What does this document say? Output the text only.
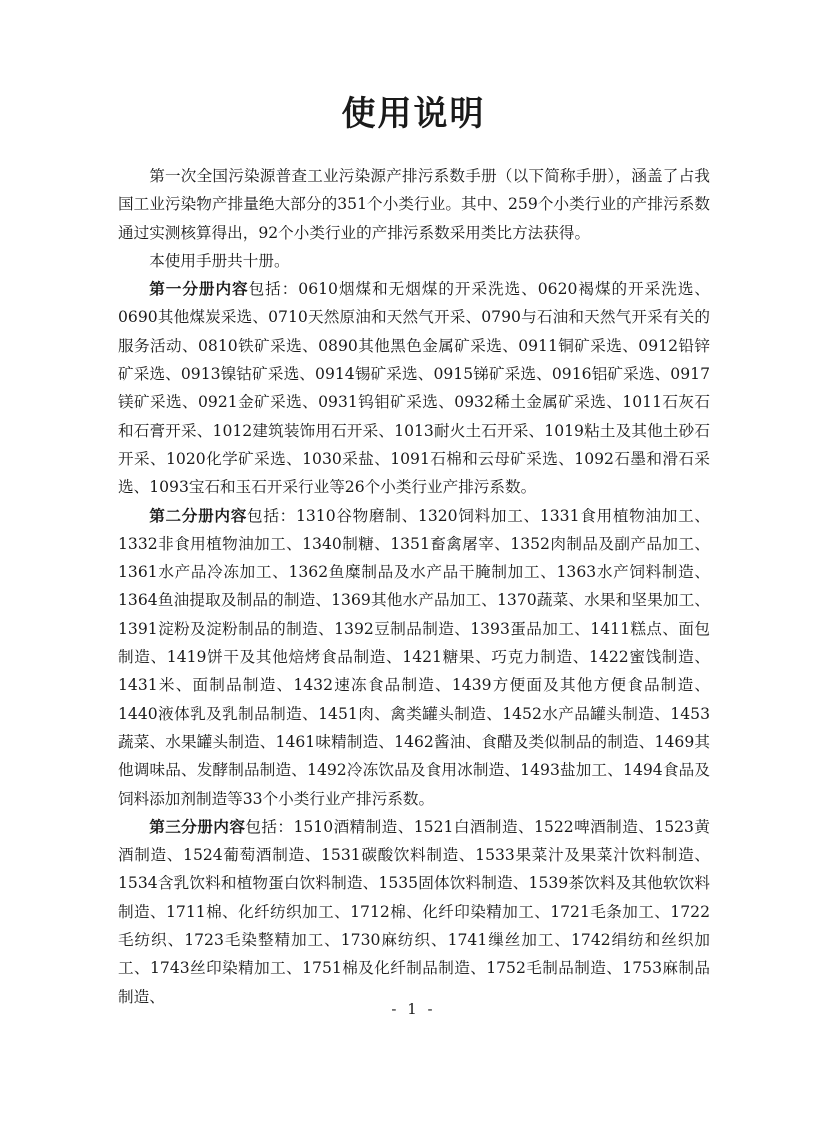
使用说明

第一次全国污染源普查工业污染源产排污系数手册（以下简称手册），涵盖了占我国工业污染物产排量绝大部分的351个小类行业。其中、259个小类行业的产排污系数通过实测核算得出，92个小类行业的产排污系数采用类比方法获得。

本使用手册共十册。

第一分册内容包括：0610烟煤和无烟煤的开采洗选、0620褐煤的开采洗选、0690其他煤炭采选、0710天然原油和天然气开采、0790与石油和天然气开采有关的服务活动、0810铁矿采选、0890其他黑色金属矿采选、0911铜矿采选、0912铅锌矿采选、0913镍钴矿采选、0914锡矿采选、0915锑矿采选、0916铝矿采选、0917镁矿采选、0921金矿采选、0931钨钼矿采选、0932稀土金属矿采选、1011石灰石和石膏开采、1012建筑装饰用石开采、1013耐火土石开采、1019粘土及其他土砂石开采、1020化学矿采选、1030采盐、1091石棉和云母矿采选、1092石墨和滑石采选、1093宝石和玉石开采行业等26个小类行业产排污系数。

第二分册内容包括：1310谷物磨制、1320饲料加工、1331食用植物油加工、1332非食用植物油加工、1340制糖、1351畜禽屠宰、1352肉制品及副产品加工、1361水产品冷冻加工、1362鱼糜制品及水产品干腌制加工、1363水产饲料制造、1364鱼油提取及制品的制造、1369其他水产品加工、1370蔬菜、水果和坚果加工、1391淀粉及淀粉制品的制造、1392豆制品制造、1393蛋品加工、1411糕点、面包制造、1419饼干及其他焙烤食品制造、1421糖果、巧克力制造、1422蜜饯制造、1431米、面制品制造、1432速冻食品制造、1439方便面及其他方便食品制造、1440液体乳及乳制品制造、1451肉、禽类罐头制造、1452水产品罐头制造、1453蔬菜、水果罐头制造、1461味精制造、1462酱油、食醋及类似制品的制造、1469其他调味品、发酵制品制造、1492冷冻饮品及食用冰制造、1493盐加工、1494食品及饲料添加剂制造等33个小类行业产排污系数。

第三分册内容包括：1510酒精制造、1521白酒制造、1522啤酒制造、1523黄酒制造、1524葡萄酒制造、1531碳酸饮料制造、1533果菜汁及果菜汁饮料制造、1534含乳饮料和植物蛋白饮料制造、1535固体饮料制造、1539茶饮料及其他软饮料制造、1711棉、化纤纺织加工、1712棉、化纤印染精加工、1721毛条加工、1722毛纺织、1723毛染整精加工、1730麻纺织、1741缫丝加工、1742绢纺和丝织加工、1743丝印染精加工、1751棉及化纤制品制造、1752毛制品制造、1753麻制品制造、

- 1 -
